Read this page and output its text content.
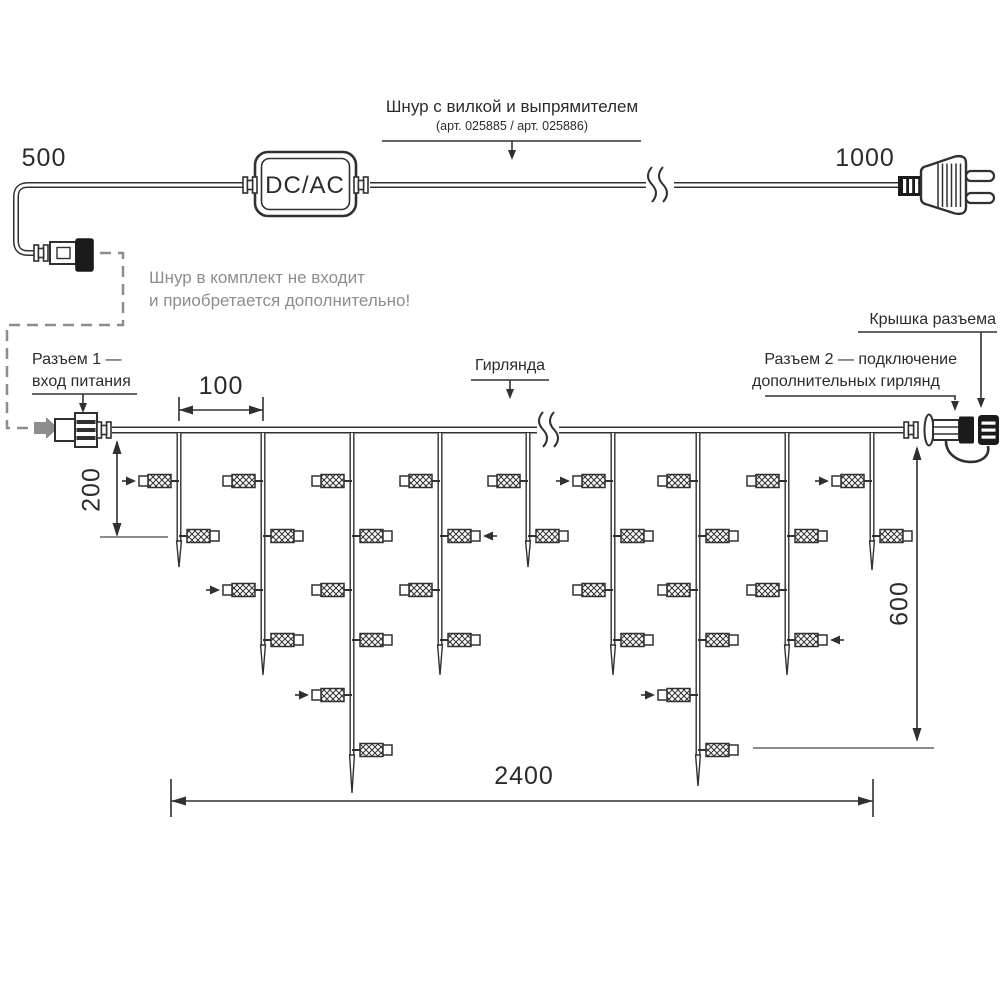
500	1000
100
200
600
2400
DC/AC
Шнур с вилкой и выпрямителем
(арт. 025885 / арт. 025886)
Шнур в комплект не входит
и приобретается дополнительно!
Разъем 1 —
вход питания
Гирлянда
Крышка разъема
Разъем 2 — подключение
дополнительных гирлянд
